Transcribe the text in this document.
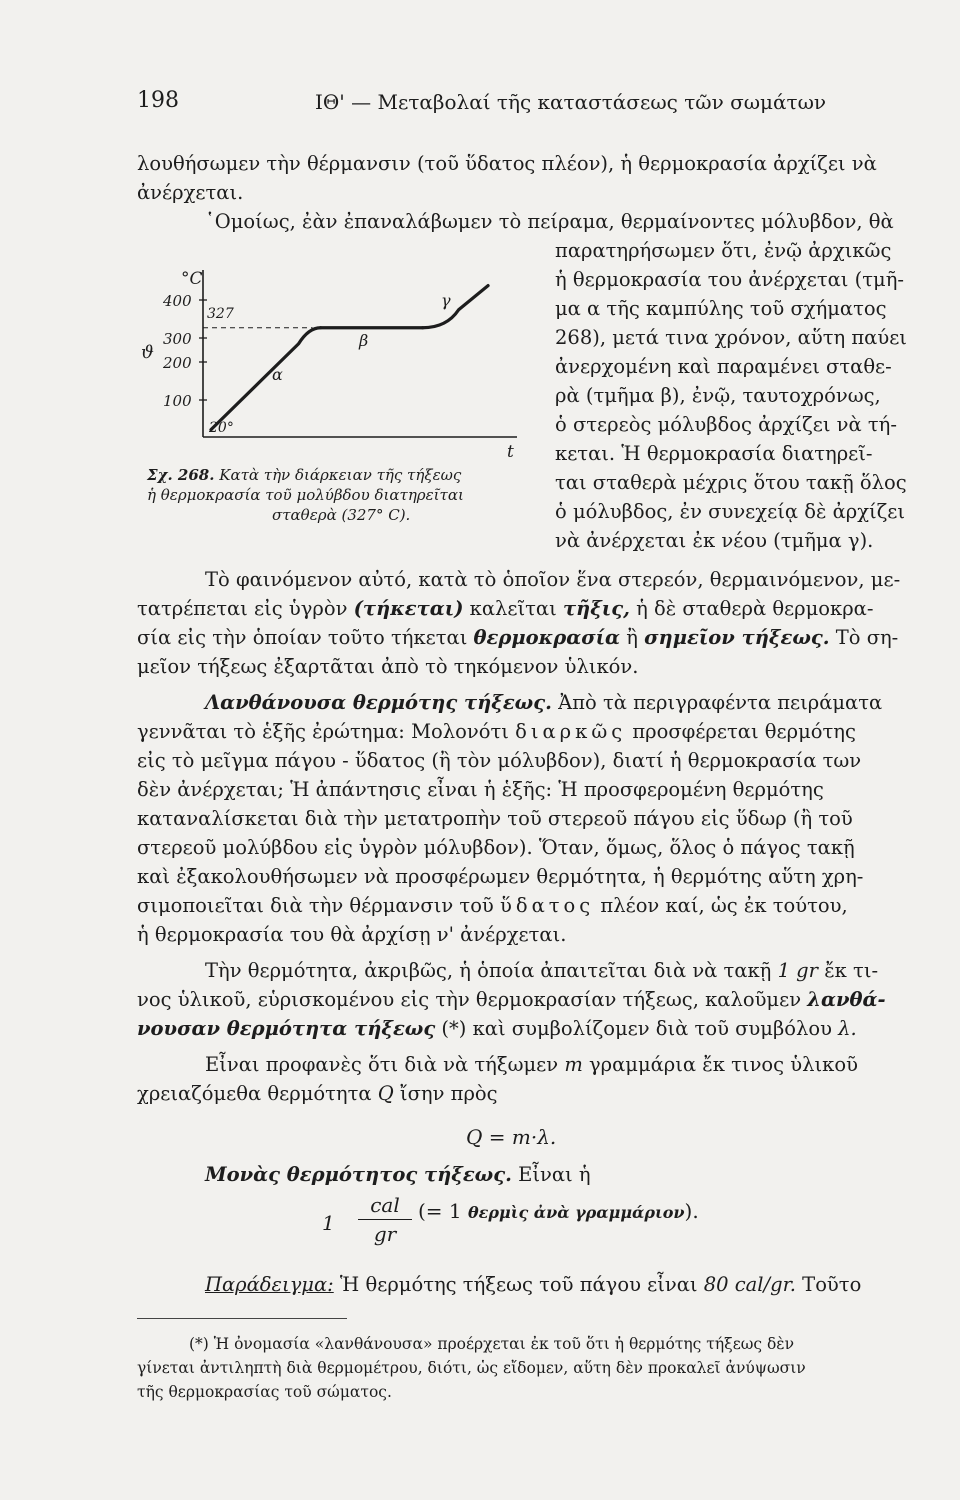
198	ΙΘ' — Μεταβολαί τῆς καταστάσεως τῶν σωμάτων
λουθήσωμεν τὴν θέρμανσιν (τοῦ ὕδατος πλέον), ἡ θερμοκρασία ἀρχίζει νὰ
ἀνέρχεται.
῾Ομοίως, ἐὰν ἐπαναλάβωμεν τὸ πείραμα, θερμαίνοντες μόλυβδον, θὰ
παρατηρήσωμεν ὅτι, ἐνῷ ἀρχικῶς
ἡ θερμοκρασία του ἀνέρχεται (τμῆ-
μα α τῆς καμπύλης τοῦ σχήματος
268), μετά τινα χρόνον, αὕτη παύει
ἀνερχομένη καὶ παραμένει σταθε-
ρὰ (τμῆμα β), ἐνῷ, ταυτοχρόνως,
ὁ στερεὸς μόλυβδος ἀρχίζει νὰ τή-
κεται. Ἡ θερμοκρασία διατηρεῖ-
ται σταθερὰ μέχρις ὅτου τακῇ ὅλος
ὁ μόλυβδος, ἐν συνεχείᾳ δὲ ἀρχίζει
νὰ ἀνέρχεται ἐκ νέου (τμῆμα γ).
°C
ϑ
400
300
200
100
327
20°
α
β
γ
t
Σχ. 268. Κατὰ τὴν διάρκειαν τῆς τήξεως
ἡ θερμοκρασία τοῦ μολύβδου διατηρεῖται
σταθερὰ (327° C).
Τὸ φαινόμενον αὐτό, κατὰ τὸ ὁποῖον ἕνα στερεόν, θερμαινόμενον, με-
τατρέπεται εἰς ὑγρὸν (τήκεται) καλεῖται τῆξις, ἡ δὲ σταθερὰ θερμοκρα-
σία εἰς τὴν ὁποίαν τοῦτο τήκεται θερμοκρασία ἢ σημεῖον τήξεως. Τὸ ση-
μεῖον τήξεως ἐξαρτᾶται ἀπὸ τὸ τηκόμενον ὑλικόν.
Λανθάνουσα θερμότης τήξεως. Ἀπὸ τὰ περιγραφέντα πειράματα
γεννᾶται τὸ ἑξῆς ἐρώτημα: Μολονότι διαρκῶς προσφέρεται θερμότης
εἰς τὸ μεῖγμα πάγου - ὕδατος (ἢ τὸν μόλυβδον), διατί ἡ θερμοκρασία των
δὲν ἀνέρχεται; Ἡ ἀπάντησις εἶναι ἡ ἑξῆς: Ἡ προσφερομένη θερμότης
καταναλίσκεται διὰ τὴν μετατροπὴν τοῦ στερεοῦ πάγου εἰς ὕδωρ (ἢ τοῦ
στερεοῦ μολύβδου εἰς ὑγρὸν μόλυβδον). Ὅταν, ὅμως, ὅλος ὁ πάγος τακῇ
καὶ ἐξακολουθήσωμεν νὰ προσφέρωμεν θερμότητα, ἡ θερμότης αὕτη χρη-
σιμοποιεῖται διὰ τὴν θέρμανσιν τοῦ ὕδατος πλέον καί, ὡς ἐκ τούτου,
ἡ θερμοκρασία του θὰ ἀρχίσῃ ν' ἀνέρχεται.
Τὴν θερμότητα, ἀκριβῶς, ἡ ὁποία ἀπαιτεῖται διὰ νὰ τακῇ 1 gr ἔκ τι-
νος ὑλικοῦ, εὑρισκομένου εἰς τὴν θερμοκρασίαν τήξεως, καλοῦμεν λανθά-
νουσαν θερμότητα τήξεως (*) καὶ συμβολίζομεν διὰ τοῦ συμβόλου λ.
Εἶναι προφανὲς ὅτι διὰ νὰ τήξωμεν m γραμμάρια ἔκ τινος ὑλικοῦ
χρειαζόμεθα θερμότητα Q ἴσην πρὸς
Q = m·λ.
Μονὰς θερμότητος τήξεως. Εἶναι ἡ
1
cal
gr
(= 1 θερμὶς ἀνὰ γραμμάριον).
Παράδειγμα: Ἡ θερμότης τήξεως τοῦ πάγου εἶναι 80 cal/gr. Τοῦτο
(*) Ἡ ὀνομασία «λανθάνουσα» προέρχεται ἐκ τοῦ ὅτι ἡ θερμότης τήξεως δὲν
γίνεται ἀντιληπτὴ διὰ θερμομέτρου, διότι, ὡς εἴδομεν, αὕτη δὲν προκαλεῖ ἀνύψωσιν
τῆς θερμοκρασίας τοῦ σώματος.
